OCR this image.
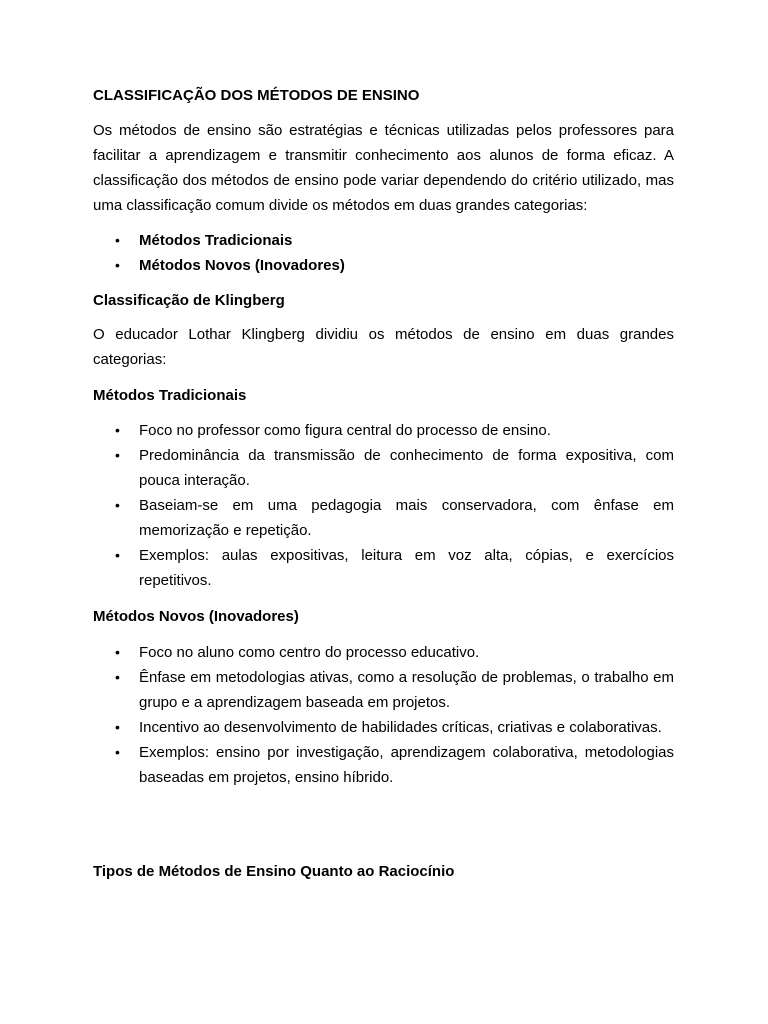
CLASSIFICAÇÃO DOS MÉTODOS DE ENSINO
Os métodos de ensino são estratégias e técnicas utilizadas pelos professores para facilitar a aprendizagem e transmitir conhecimento aos alunos de forma eficaz. A classificação dos métodos de ensino pode variar dependendo do critério utilizado, mas uma classificação comum divide os métodos em duas grandes categorias:
• Métodos Tradicionais
• Métodos Novos (Inovadores)
Classificação de Klingberg
O educador Lothar Klingberg dividiu os métodos de ensino em duas grandes categorias:
Métodos Tradicionais
• Foco no professor como figura central do processo de ensino.
• Predominância da transmissão de conhecimento de forma expositiva, com pouca interação.
• Baseiam-se em uma pedagogia mais conservadora, com ênfase em memorização e repetição.
• Exemplos: aulas expositivas, leitura em voz alta, cópias, e exercícios repetitivos.
Métodos Novos (Inovadores)
• Foco no aluno como centro do processo educativo.
• Ênfase em metodologias ativas, como a resolução de problemas, o trabalho em grupo e a aprendizagem baseada em projetos.
• Incentivo ao desenvolvimento de habilidades críticas, criativas e colaborativas.
• Exemplos: ensino por investigação, aprendizagem colaborativa, metodologias baseadas em projetos, ensino híbrido.
Tipos de Métodos de Ensino Quanto ao Raciocínio
